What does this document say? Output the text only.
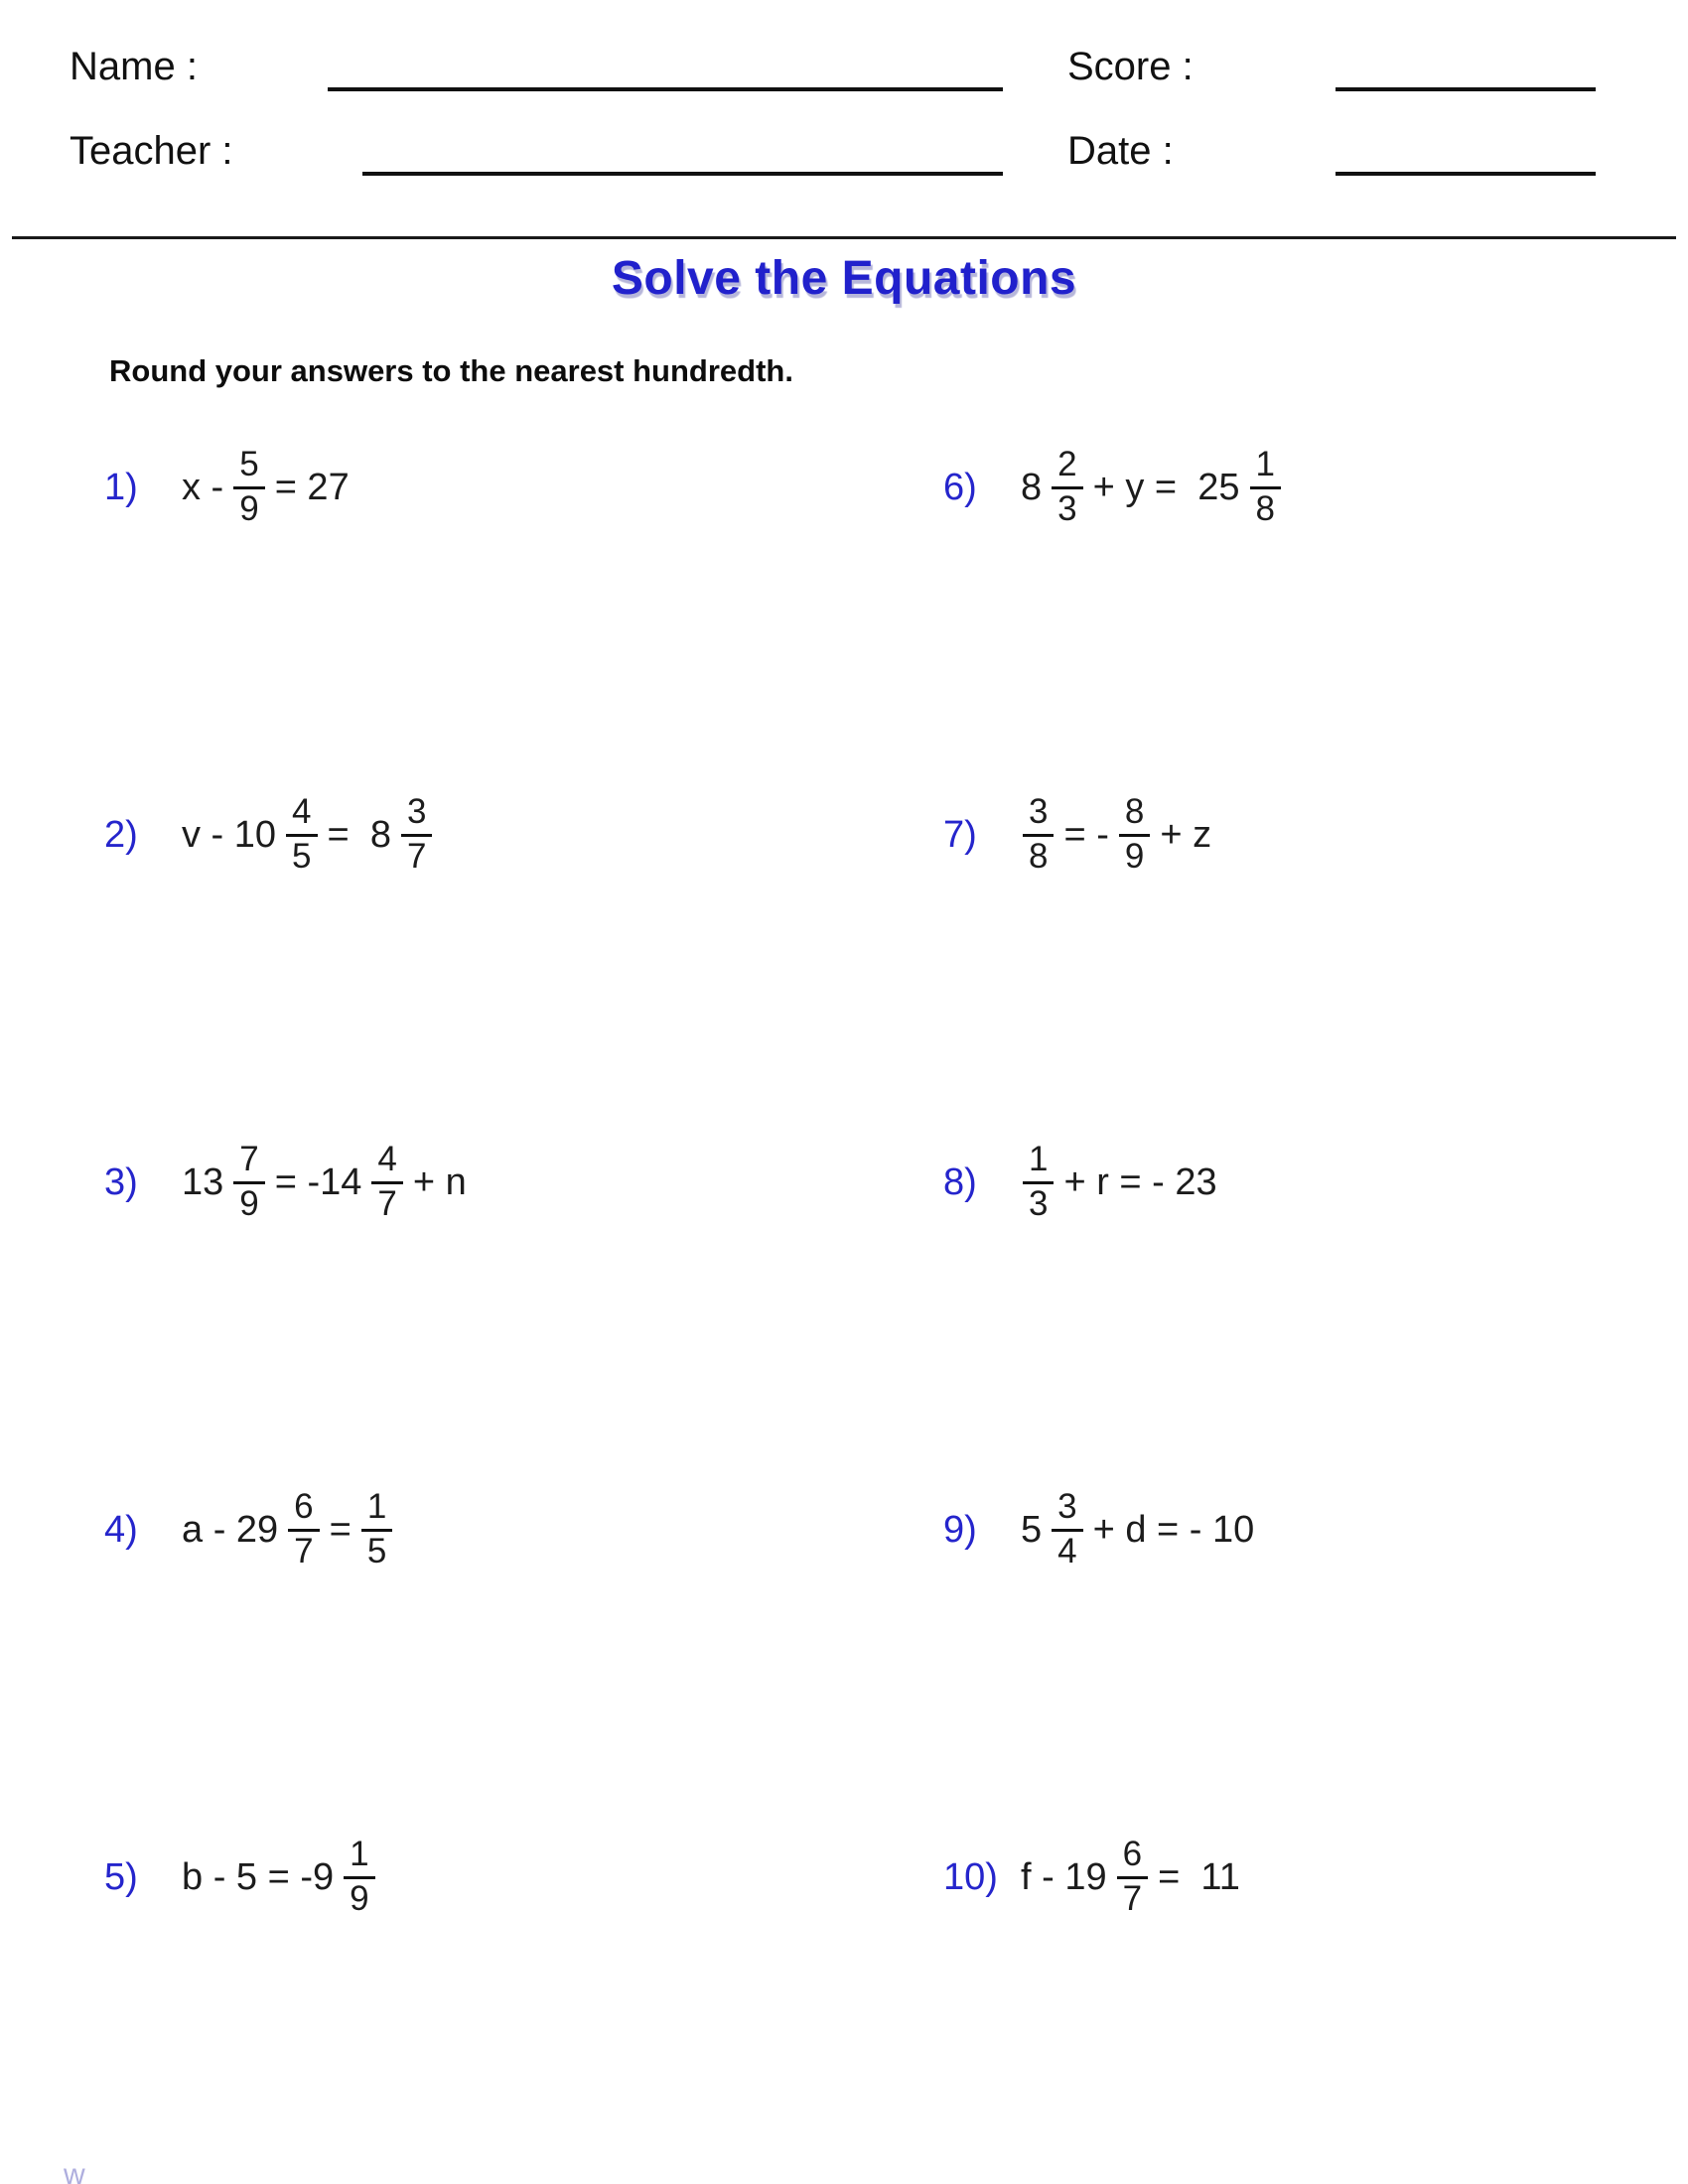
Name :	Score :
Teacher :	Date :
Solve the Equations
Round your answers to the nearest hundredth.
1)	$x - \frac{5}{9} = 27$
2)	$v - 10 \frac{4}{5} = 8 \frac{3}{7}$
3)	$13 \frac{7}{9} = -14 \frac{4}{7} + n$
4)	$a - 29 \frac{6}{7} = \frac{1}{5}$
5)	$b - 5 = -9 \frac{1}{9}$
6)	$8 \frac{2}{3} + y = 25 \frac{1}{8}$
7)	$\frac{3}{8}$ = - $\frac{8}{9} + z$
8)	$\frac{1}{3} + r$ = - 23
9)	$5 \frac{3}{4} + d$ = - 10
10) $f - 19 \frac{6}{7} = 11$
w
